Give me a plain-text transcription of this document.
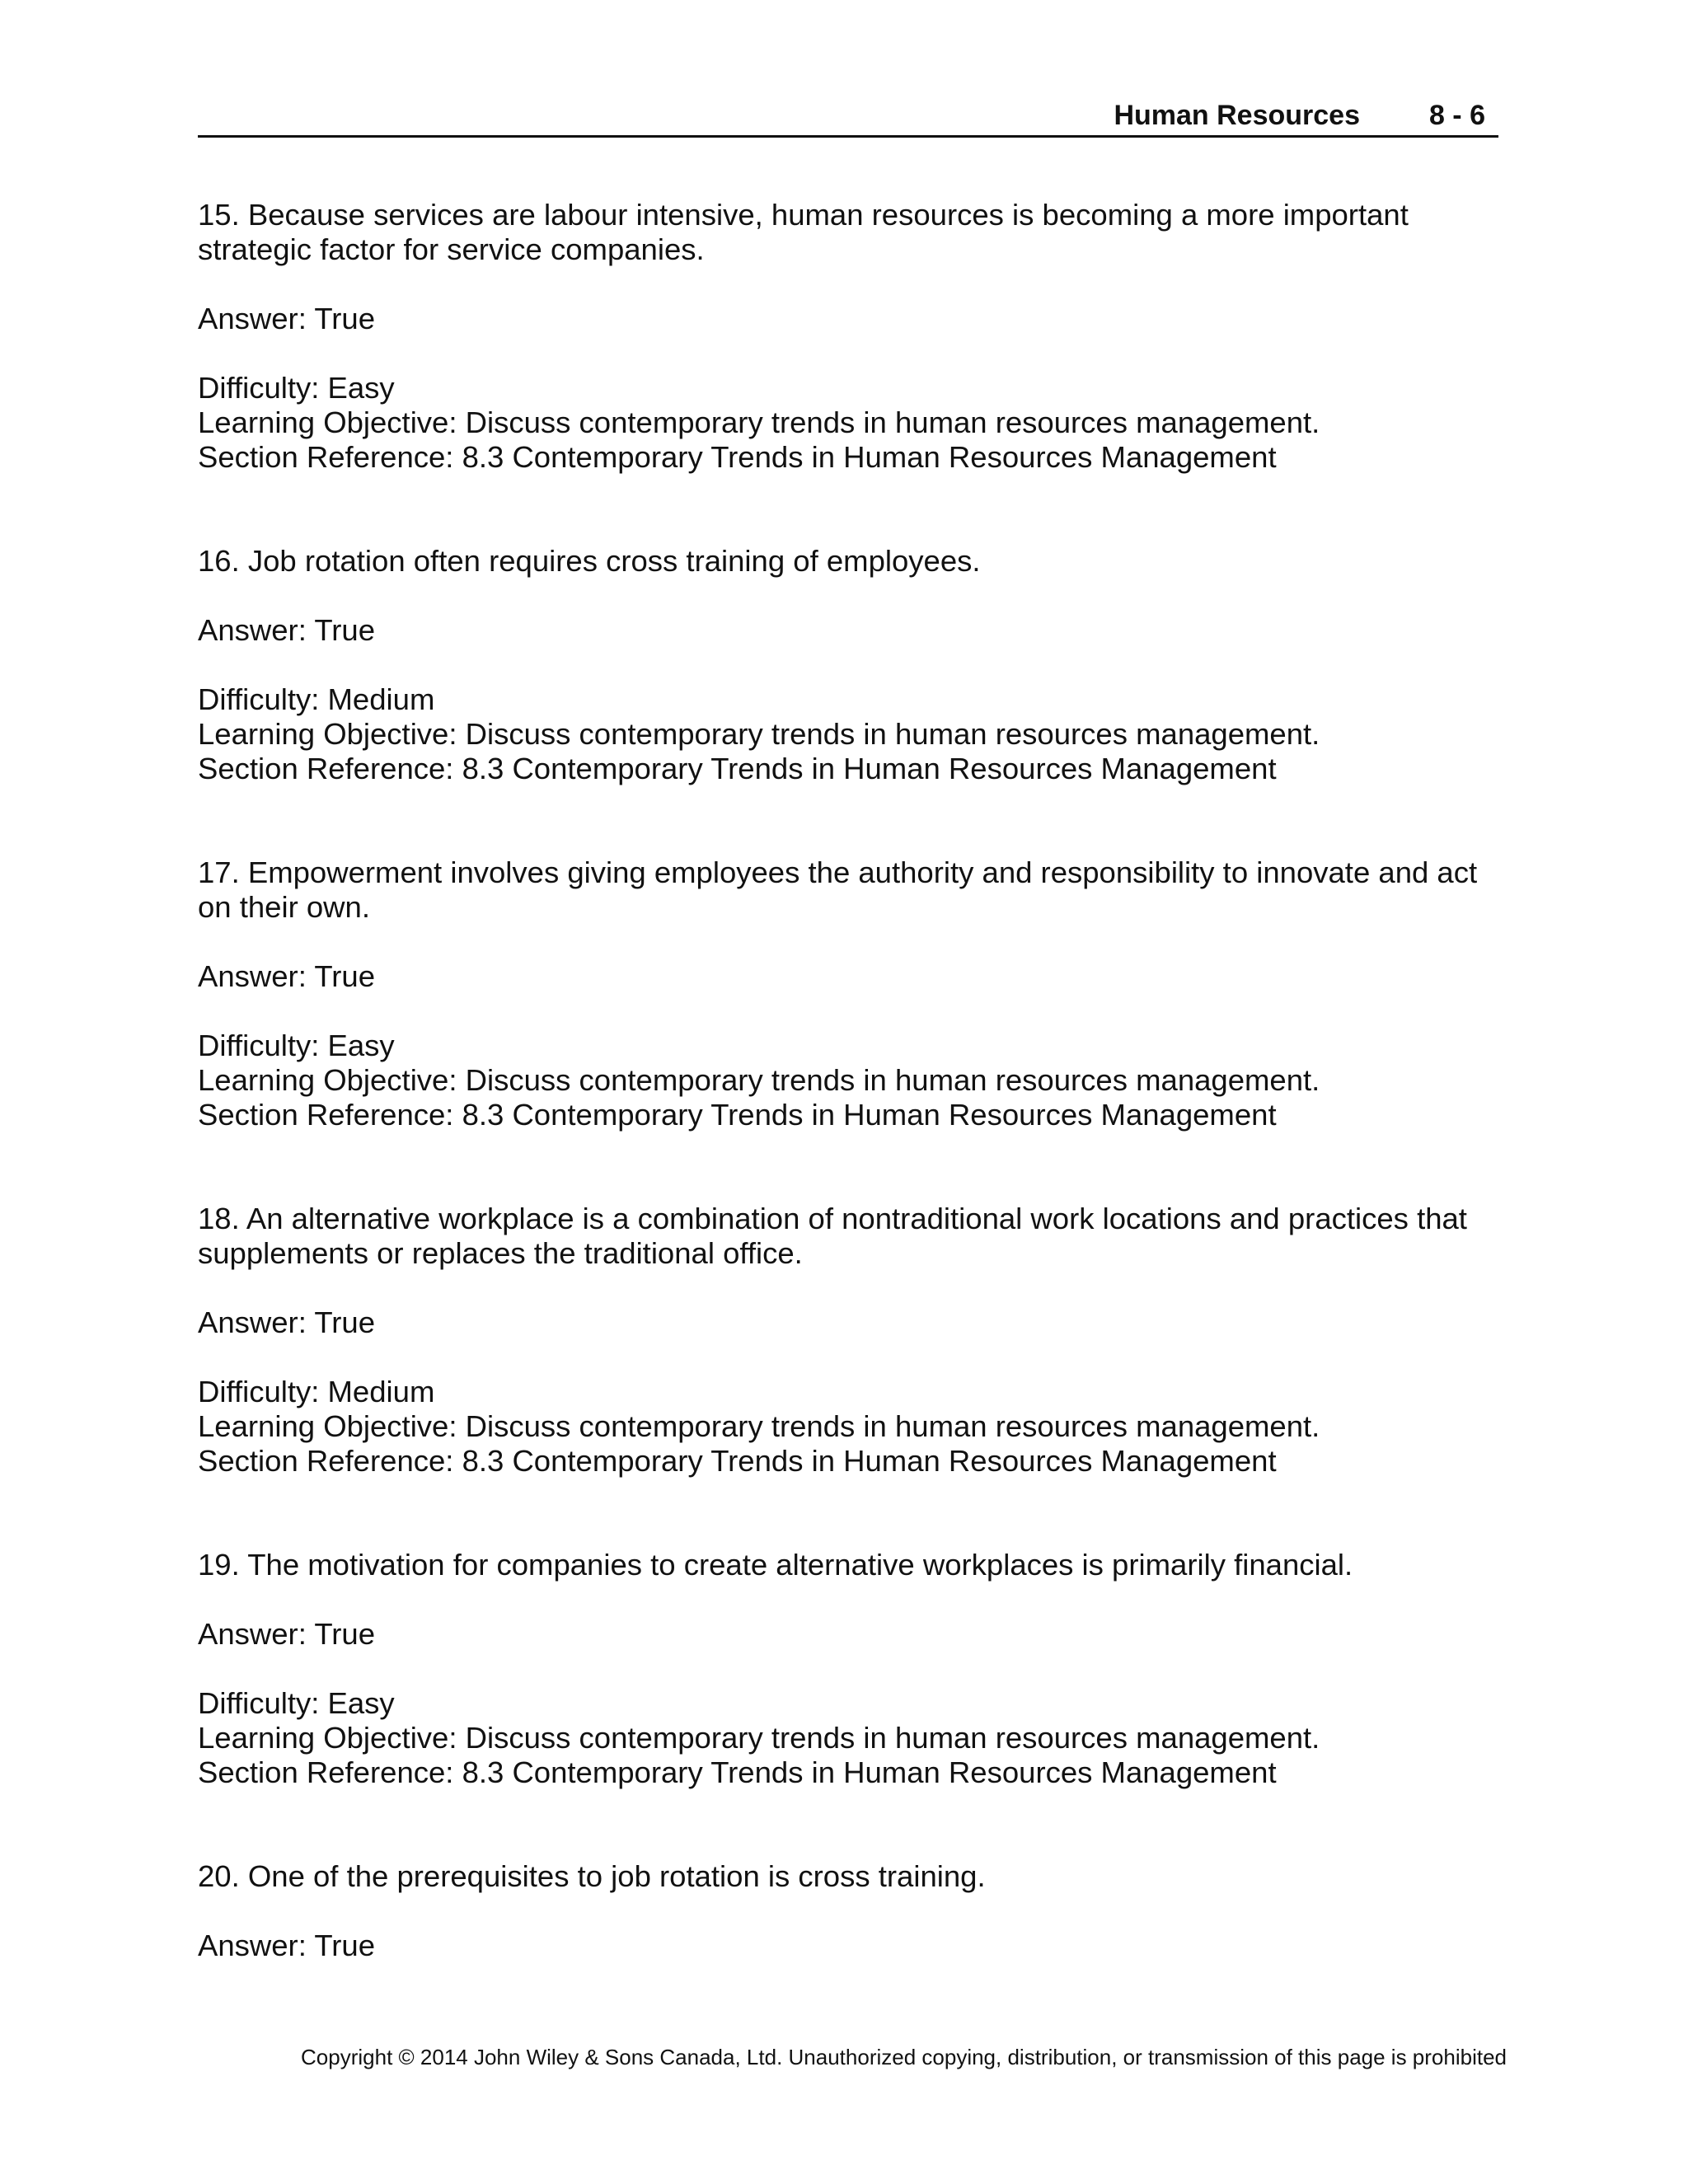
Human Resources 8 - 6

15. Because services are labour intensive, human resources is becoming a more important strategic factor for service companies.

Answer: True

Difficulty: Easy
Learning Objective: Discuss contemporary trends in human resources management.
Section Reference: 8.3 Contemporary Trends in Human Resources Management

16. Job rotation often requires cross training of employees.

Answer: True

Difficulty: Medium
Learning Objective: Discuss contemporary trends in human resources management.
Section Reference: 8.3 Contemporary Trends in Human Resources Management

17. Empowerment involves giving employees the authority and responsibility to innovate and act on their own.

Answer: True

Difficulty: Easy
Learning Objective: Discuss contemporary trends in human resources management.
Section Reference: 8.3 Contemporary Trends in Human Resources Management

18. An alternative workplace is a combination of nontraditional work locations and practices that supplements or replaces the traditional office.

Answer: True

Difficulty: Medium
Learning Objective: Discuss contemporary trends in human resources management.
Section Reference: 8.3 Contemporary Trends in Human Resources Management

19. The motivation for companies to create alternative workplaces is primarily financial.

Answer: True

Difficulty: Easy
Learning Objective: Discuss contemporary trends in human resources management.
Section Reference: 8.3 Contemporary Trends in Human Resources Management

20. One of the prerequisites to job rotation is cross training.

Answer: True

Copyright © 2014 John Wiley & Sons Canada, Ltd. Unauthorized copying, distribution, or transmission of this page is prohibited
